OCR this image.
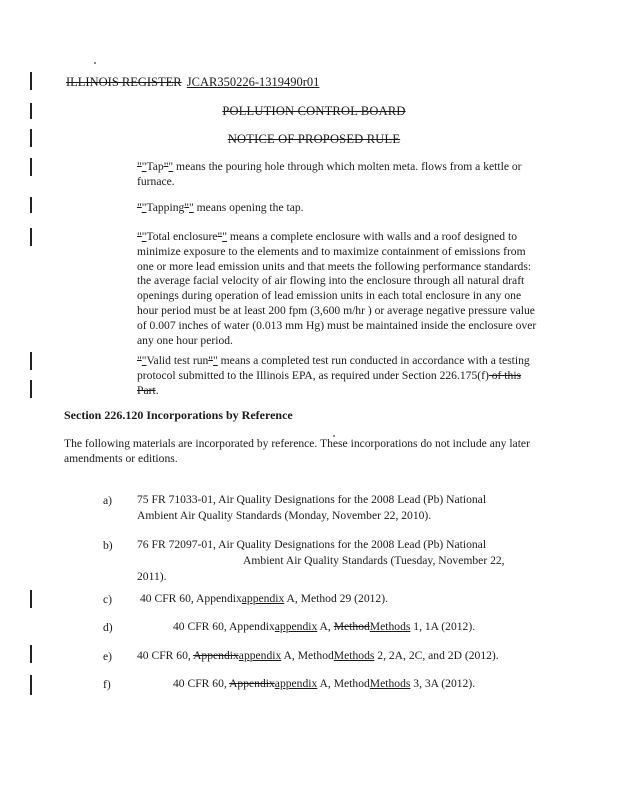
ILLINOIS REGISTER JCAR350226-1319490r01
POLLUTION CONTROL BOARD
NOTICE OF PROPOSED RULE
""Tap"" means the pouring hole through which molten meta. flows from a kettle or furnace.
""Tapping"" means opening the tap.
""Total enclosure"" means a complete enclosure with walls and a roof designed to minimize exposure to the elements and to maximize containment of emissions from one or more lead emission units and that meets the following performance standards: the average facial velocity of air flowing into the enclosure through all natural draft openings during operation of lead emission units in each total enclosure in any one hour period must be at least 200 fpm (3,600 m/hr ) or average negative pressure value of 0.007 inches of water (0.013 mm Hg) must be maintained inside the enclosure over any one hour period.
""Valid test run"" means a completed test run conducted in accordance with a testing protocol submitted to the Illinois EPA, as required under Section 226.175(f) of this Part.
Section 226.120 Incorporations by Reference
The following materials are incorporated by reference. These incorporations do not include any later amendments or editions.
a) 75 FR 71033-01, Air Quality Designations for the 2008 Lead (Pb) National Ambient Air Quality Standards (Monday, November 22, 2010).
b) 76 FR 72097-01, Air Quality Designations for the 2008 Lead (Pb) National
Ambient Air Quality Standards (Tuesday, November 22,
2011).
c) 40 CFR 60, Appendixappendix A, Method 29 (2012).
d)	40 CFR 60, Appendixappendix A, MethodMethods 1, 1A (2012).
e) 40 CFR 60, Appendixappendix A, MethodMethods 2, 2A, 2C, and 2D (2012).
f)	40 CFR 60, Appendixappendix A, MethodMethods 3, 3A (2012).
